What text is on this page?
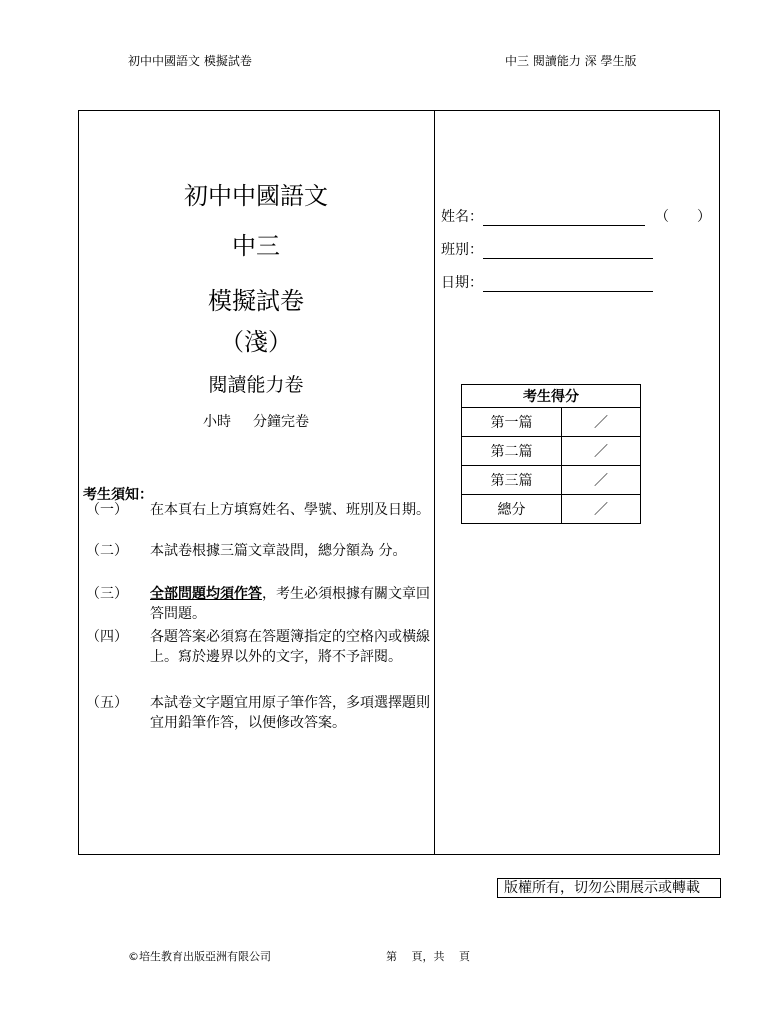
初中中國語文 模擬試卷	中三 閱讀能力 深 學生版
初中中國語文
中三
模擬試卷
（淺）
閱讀能力卷
小時 分鐘完卷
考生須知：
（一）	在本頁右上方填寫姓名、學號、班別及日期。
（二）	本試卷根據三篇文章設問，總分額為 分。
（三）	全部問題均須作答，考生必須根據有關文章回答問題。
（四）	各題答案必須寫在答題簿指定的空格內或橫線上。寫於邊界以外的文字，將不予評閱。
（五）	本試卷文字題宜用原子筆作答，多項選擇題則宜用鉛筆作答，以便修改答案。
姓名：	（　　）
班別：
日期：
考生得分	
第一篇	／
第二篇	／
第三篇	／
總分	／
版權所有，切勿公開展示或轉載
©培生教育出版亞洲有限公司	第　 頁，共　 頁
